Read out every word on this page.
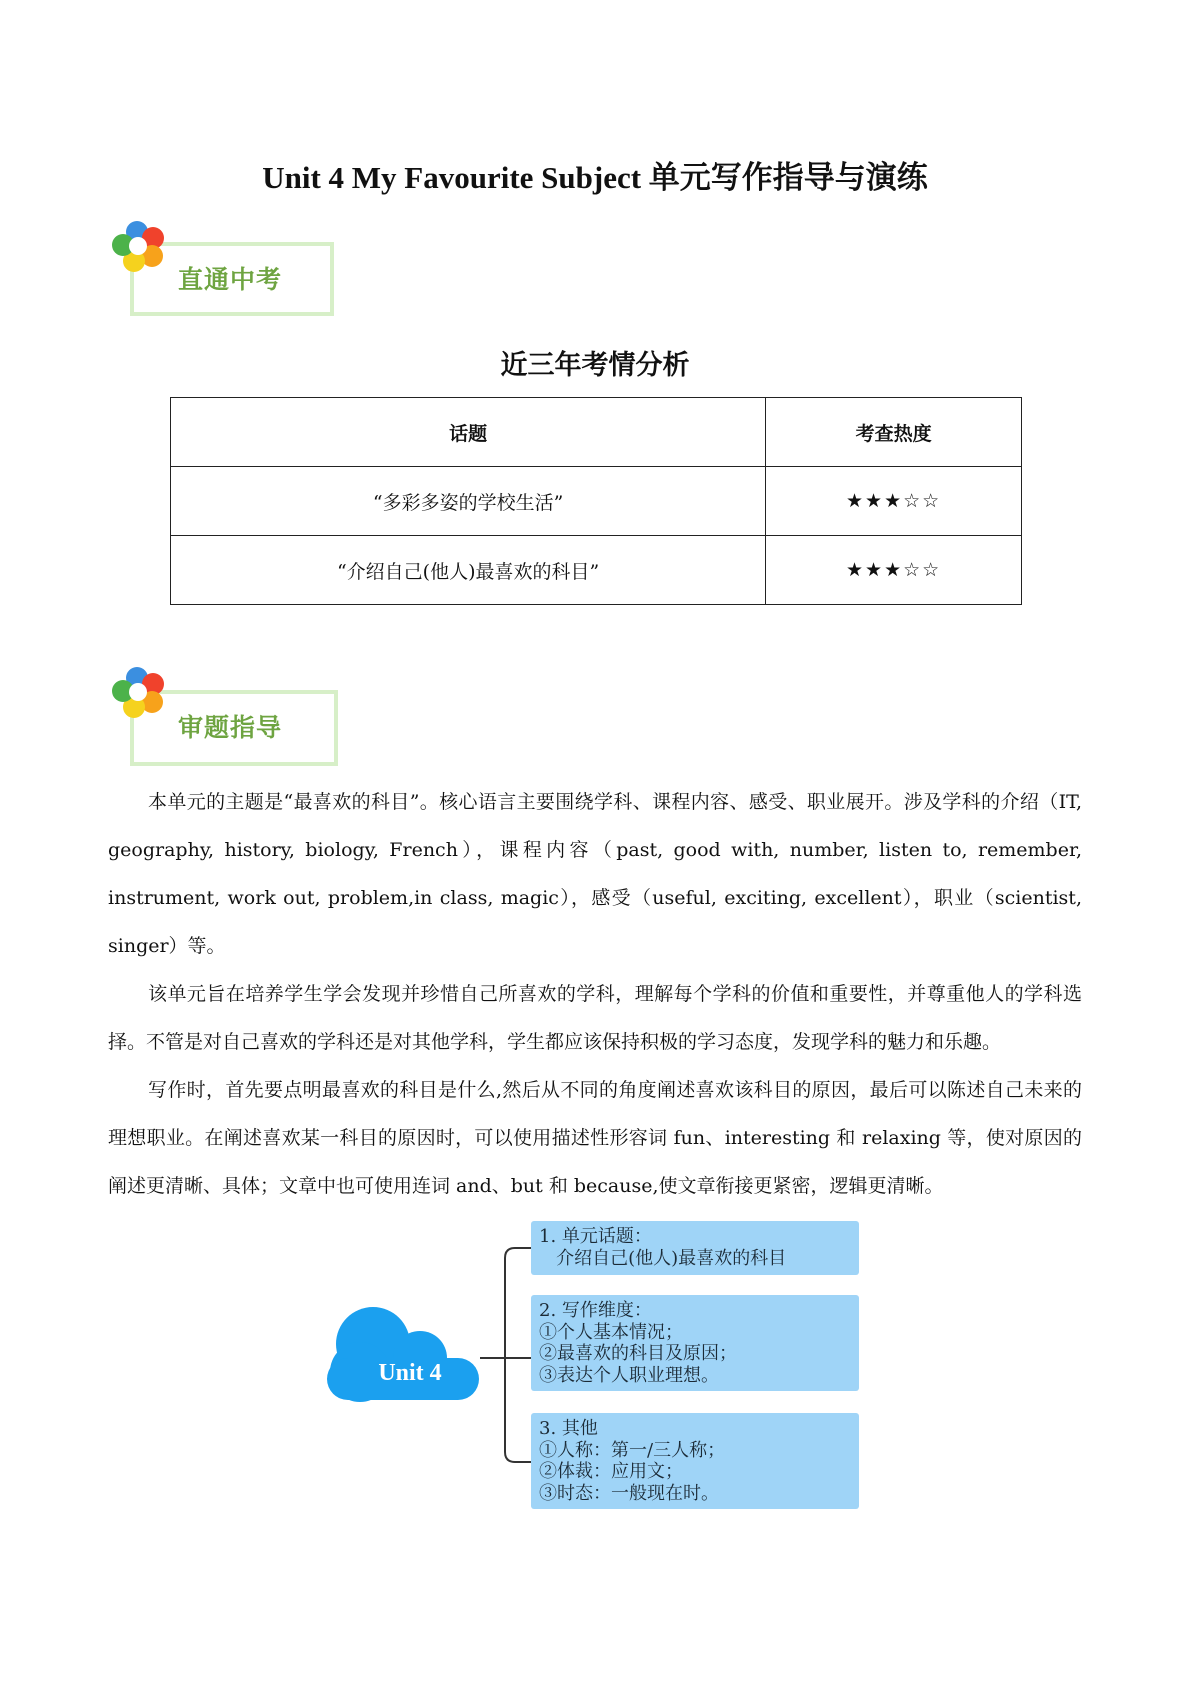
Unit 4 My Favourite Subject 单元写作指导与演练
直通中考
近三年考情分析
话题	考查热度
“多彩多姿的学校生活”	★★★☆☆
“介绍自己(他人)最喜欢的科目”	★★★☆☆
审题指导

本单元的主题是“最喜欢的科目”。核心语言主要围绕学科、课程内容、感受、职业展开。涉及学科的介绍（IT, geography, history, biology, French），课程内容（past, good with, number, listen to, remember, instrument, work out, problem,in class, magic），感受（useful, exciting, excellent），职业（scientist, singer）等。

该单元旨在培养学生学会发现并珍惜自己所喜欢的学科，理解每个学科的价值和重要性，并尊重他人的学科选择。不管是对自己喜欢的学科还是对其他学科，学生都应该保持积极的学习态度，发现学科的魅力和乐趣。

写作时，首先要点明最喜欢的科目是什么,然后从不同的角度阐述喜欢该科目的原因，最后可以陈述自己未来的理想职业。在阐述喜欢某一科目的原因时，可以使用描述性形容词 fun、interesting 和 relaxing 等，使对原因的阐述更清晰、具体；文章中也可使用连词 and、but 和 because,使文章衔接更紧密，逻辑更清晰。

Unit 4
1. 单元话题：
介绍自己(他人)最喜欢的科目
2. 写作维度：
①个人基本情况；
②最喜欢的科目及原因；
③表达个人职业理想。
3. 其他
①人称：第一/三人称；
②体裁：应用文；
③时态：一般现在时。
